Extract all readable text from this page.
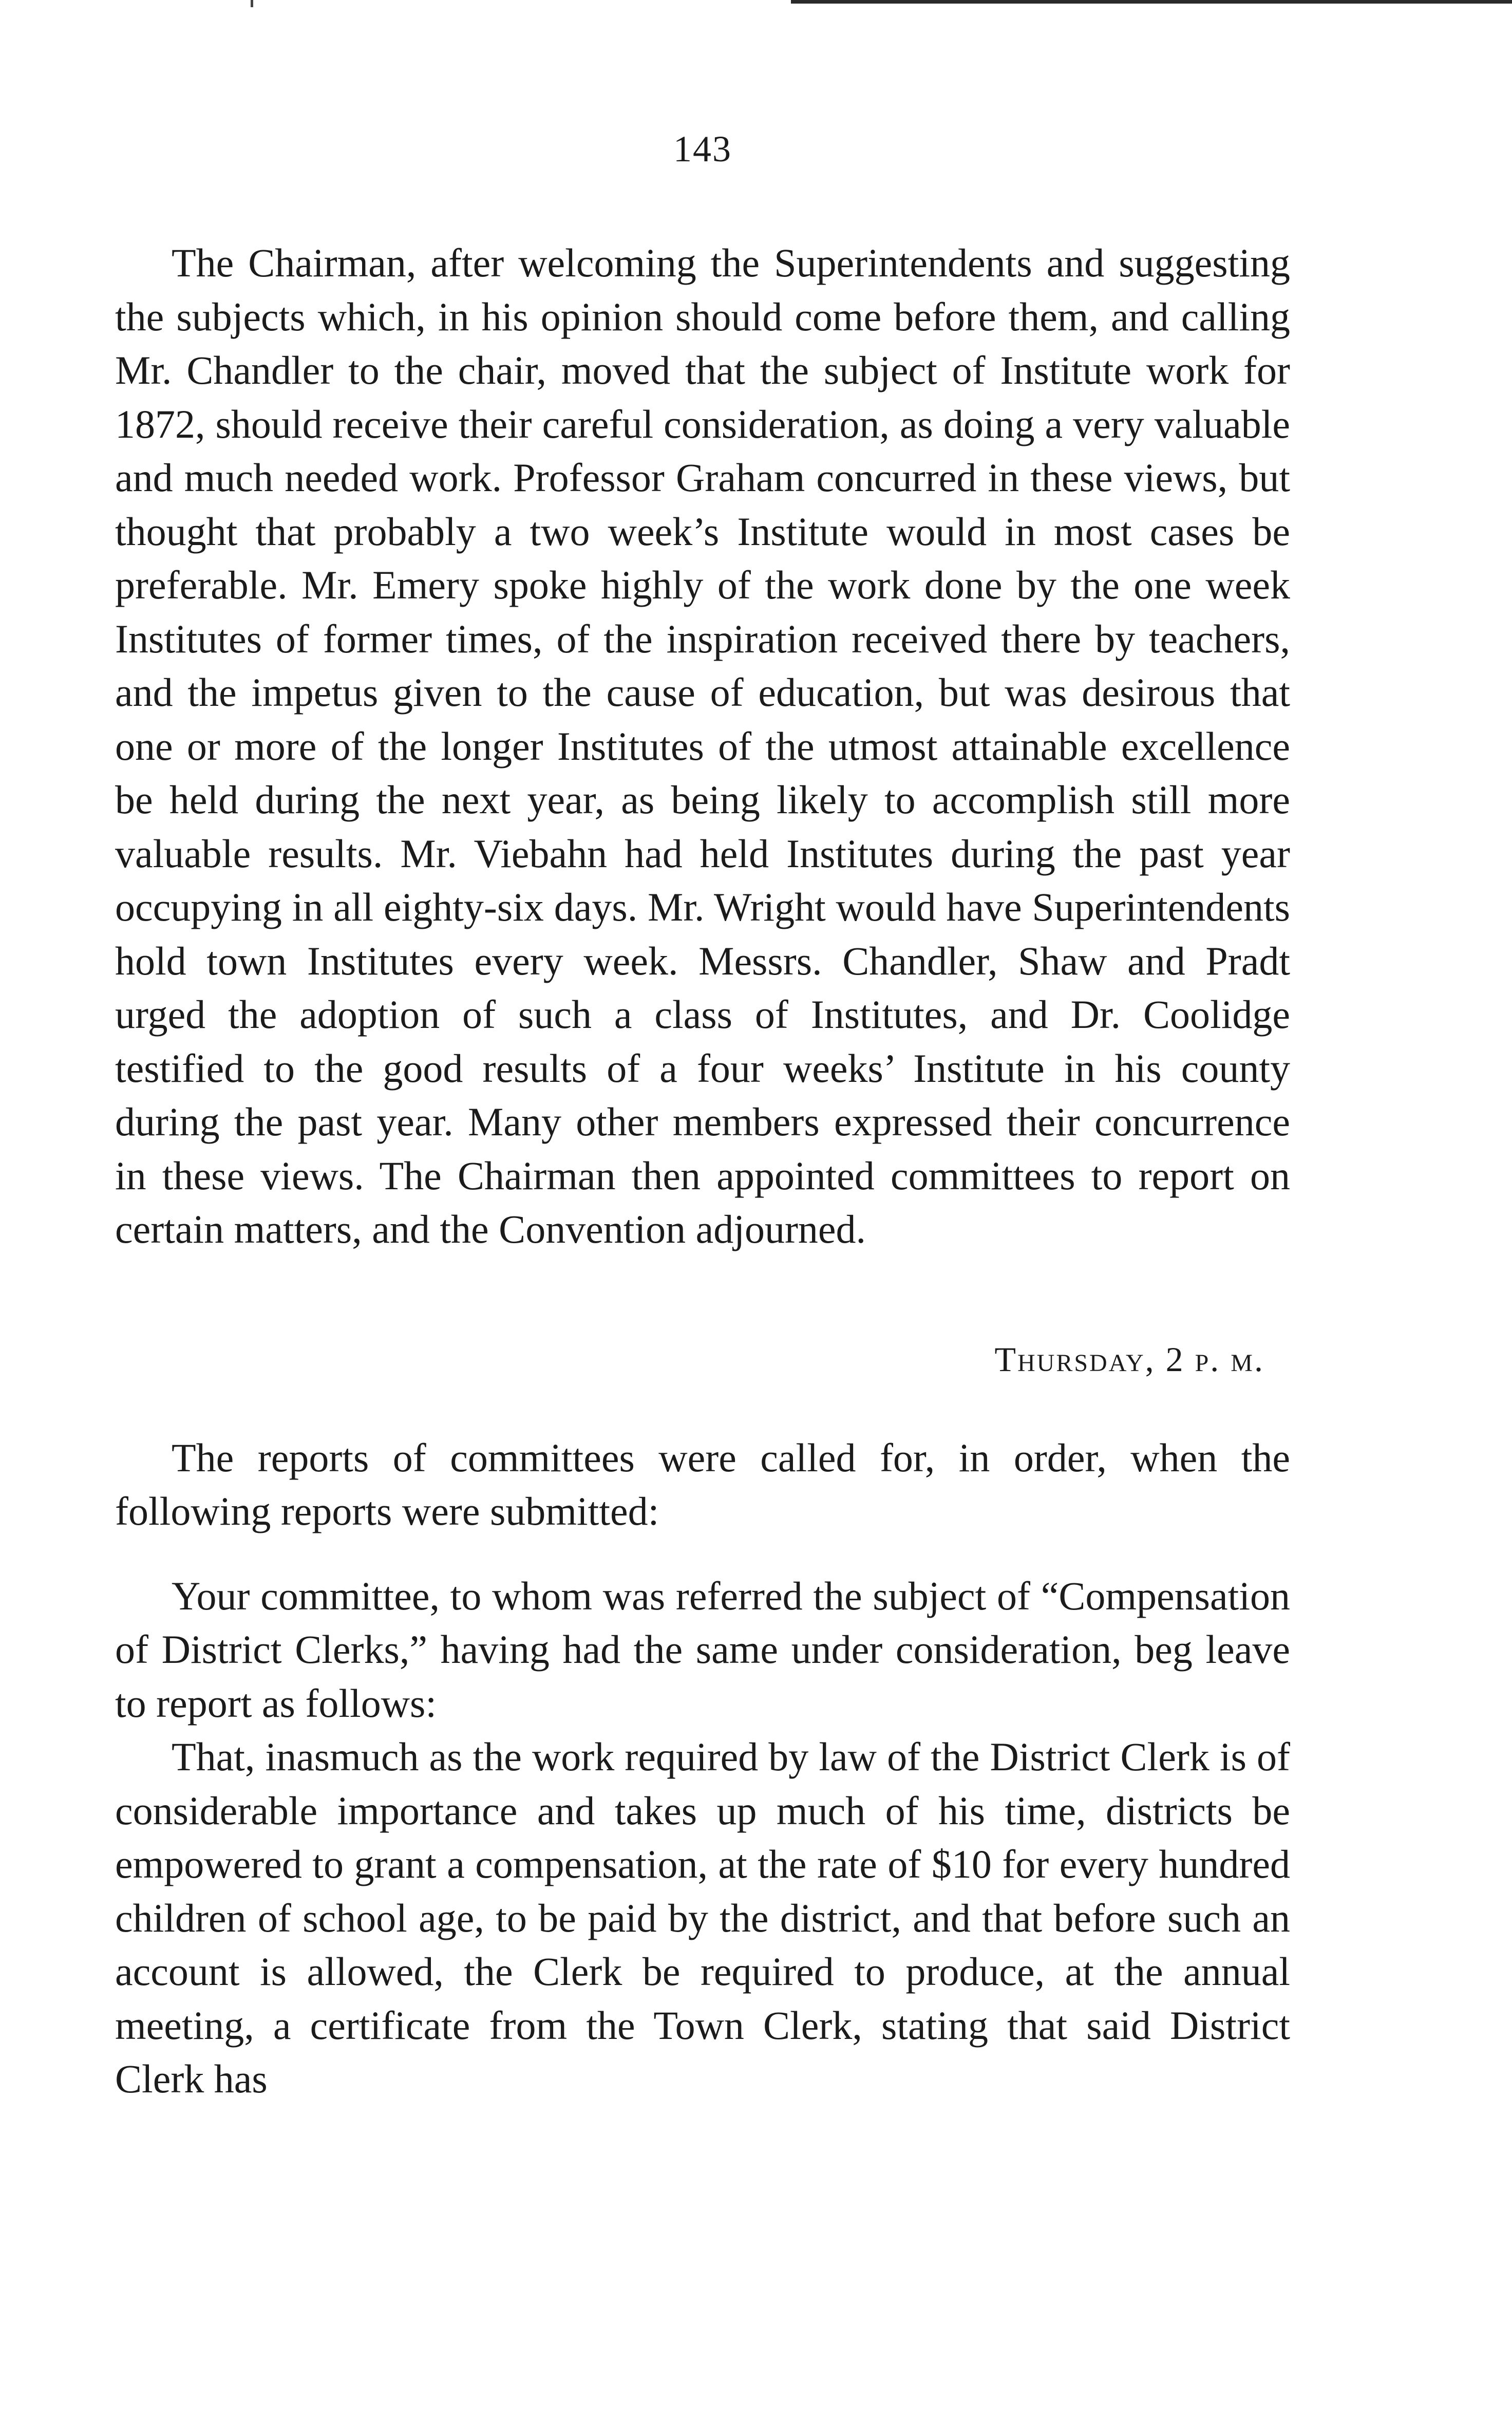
143

The Chairman, after welcoming the Superintendents and suggesting the subjects which, in his opinion should come before them, and calling Mr. Chandler to the chair, moved that the subject of Institute work for 1872, should receive their careful consideration, as doing a very valuable and much needed work. Professor Graham concurred in these views, but thought that probably a two week’s Institute would in most cases be preferable. Mr. Emery spoke highly of the work done by the one week Institutes of former times, of the inspiration received there by teachers, and the impetus given to the cause of education, but was desirous that one or more of the longer Institutes of the utmost attainable excellence be held during the next year, as being likely to accomplish still more valuable results. Mr. Viebahn had held Institutes during the past year occupying in all eighty-six days. Mr. Wright would have Superintendents hold town Institutes every week. Messrs. Chandler, Shaw and Pradt urged the adoption of such a class of Institutes, and Dr. Coolidge testified to the good results of a four weeks’ Institute in his county during the past year. Many other members expressed their concurrence in these views. The Chairman then appointed committees to report on certain matters, and the Convention adjourned.

Thursday, 2 p. m.

The reports of committees were called for, in order, when the following reports were submitted:

Your committee, to whom was referred the subject of “Compensation of District Clerks,” having had the same under consideration, beg leave to report as follows:

That, inasmuch as the work required by law of the District Clerk is of considerable importance and takes up much of his time, districts be empowered to grant a compensation, at the rate of $10 for every hundred children of school age, to be paid by the district, and that before such an account is allowed, the Clerk be required to produce, at the annual meeting, a certificate from the Town Clerk, stating that said District Clerk has
